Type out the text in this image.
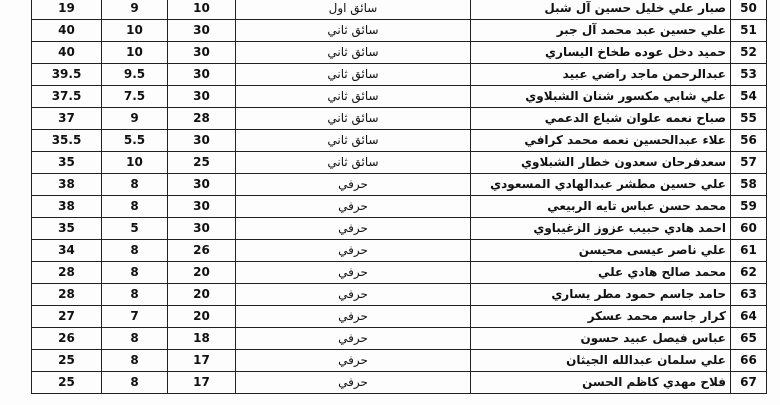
19	9	10	سائق اول	صبار علي خليل حسين آل شبل	50
40	10	30	سائق ثاني	علي حسين عبد محمد آل جبر	51
40	10	30	سائق ثاني	حميد دخل عوده طخاخ اليساري	52
39.5	9.5	30	سائق ثاني	عبدالرحمن ماجد راضي عبيد	53
37.5	7.5	30	سائق ثاني	علي شابي مكسور شنان الشبلاوي	54
37	9	28	سائق ثاني	صباح نعمه علوان شياع الدعمي	55
35.5	5.5	30	سائق ثاني	علاء عبدالحسين نعمه محمد كرافي	56
35	10	25	سائق ثاني	سعدفرحان سعدون خطار الشبلاوي	57
38	8	30	حرفي	علي حسين مطشر عبدالهادي المسعودي	58
38	8	30	حرفي	محمد حسن عباس تايه الربيعي	59
35	5	30	حرفي	احمد هادي حبيب عزوز الزغيباوي	60
34	8	26	حرفي	علي ناصر عيسى محيسن	61
28	8	20	حرفي	محمد صالح هادي علي	62
28	8	20	حرفي	حامد جاسم حمود مطر يساري	63
27	7	20	حرفي	كرار جاسم محمد عسكر	64
26	8	18	حرفي	عباس فيصل عبيد حسون	65
25	8	17	حرفي	علي سلمان عبدالله الجيثان	66
25	8	17	حرفي	فلاح مهدي كاظم الحسن	67
